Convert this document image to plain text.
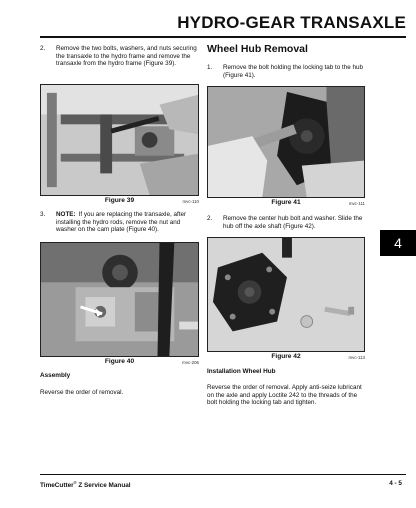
HYDRO-GEAR TRANSAXLE
2.	Remove the two bolts, washers, and nuts securing the transaxle to the hydro frame and remove the transaxle from the hydro frame (Figure 39).
Figure 39	mvc-110
3.	NOTE: If you are replacing the transaxle, after installing the hydro rods, remove the nut and washer on the cam plate (Figure 40).
Figure 40	mvc-206
Assembly
Reverse the order of removal.
Wheel Hub Removal
1.	Remove the bolt holding the locking tab to the hub (Figure 41).
Figure 41	mvc-111
2.	Remove the center hub bolt and washer. Slide the hub off the axle shaft (Figure 42).
Figure 42	mvc-113
Installation Wheel Hub
Reverse the order of removal. Apply anti-seize lubricant on the axle and apply Loctite 242 to the threads of the bolt holding the locking tab and tighten.
4
TimeCutter® Z Service Manual	4 - 5
